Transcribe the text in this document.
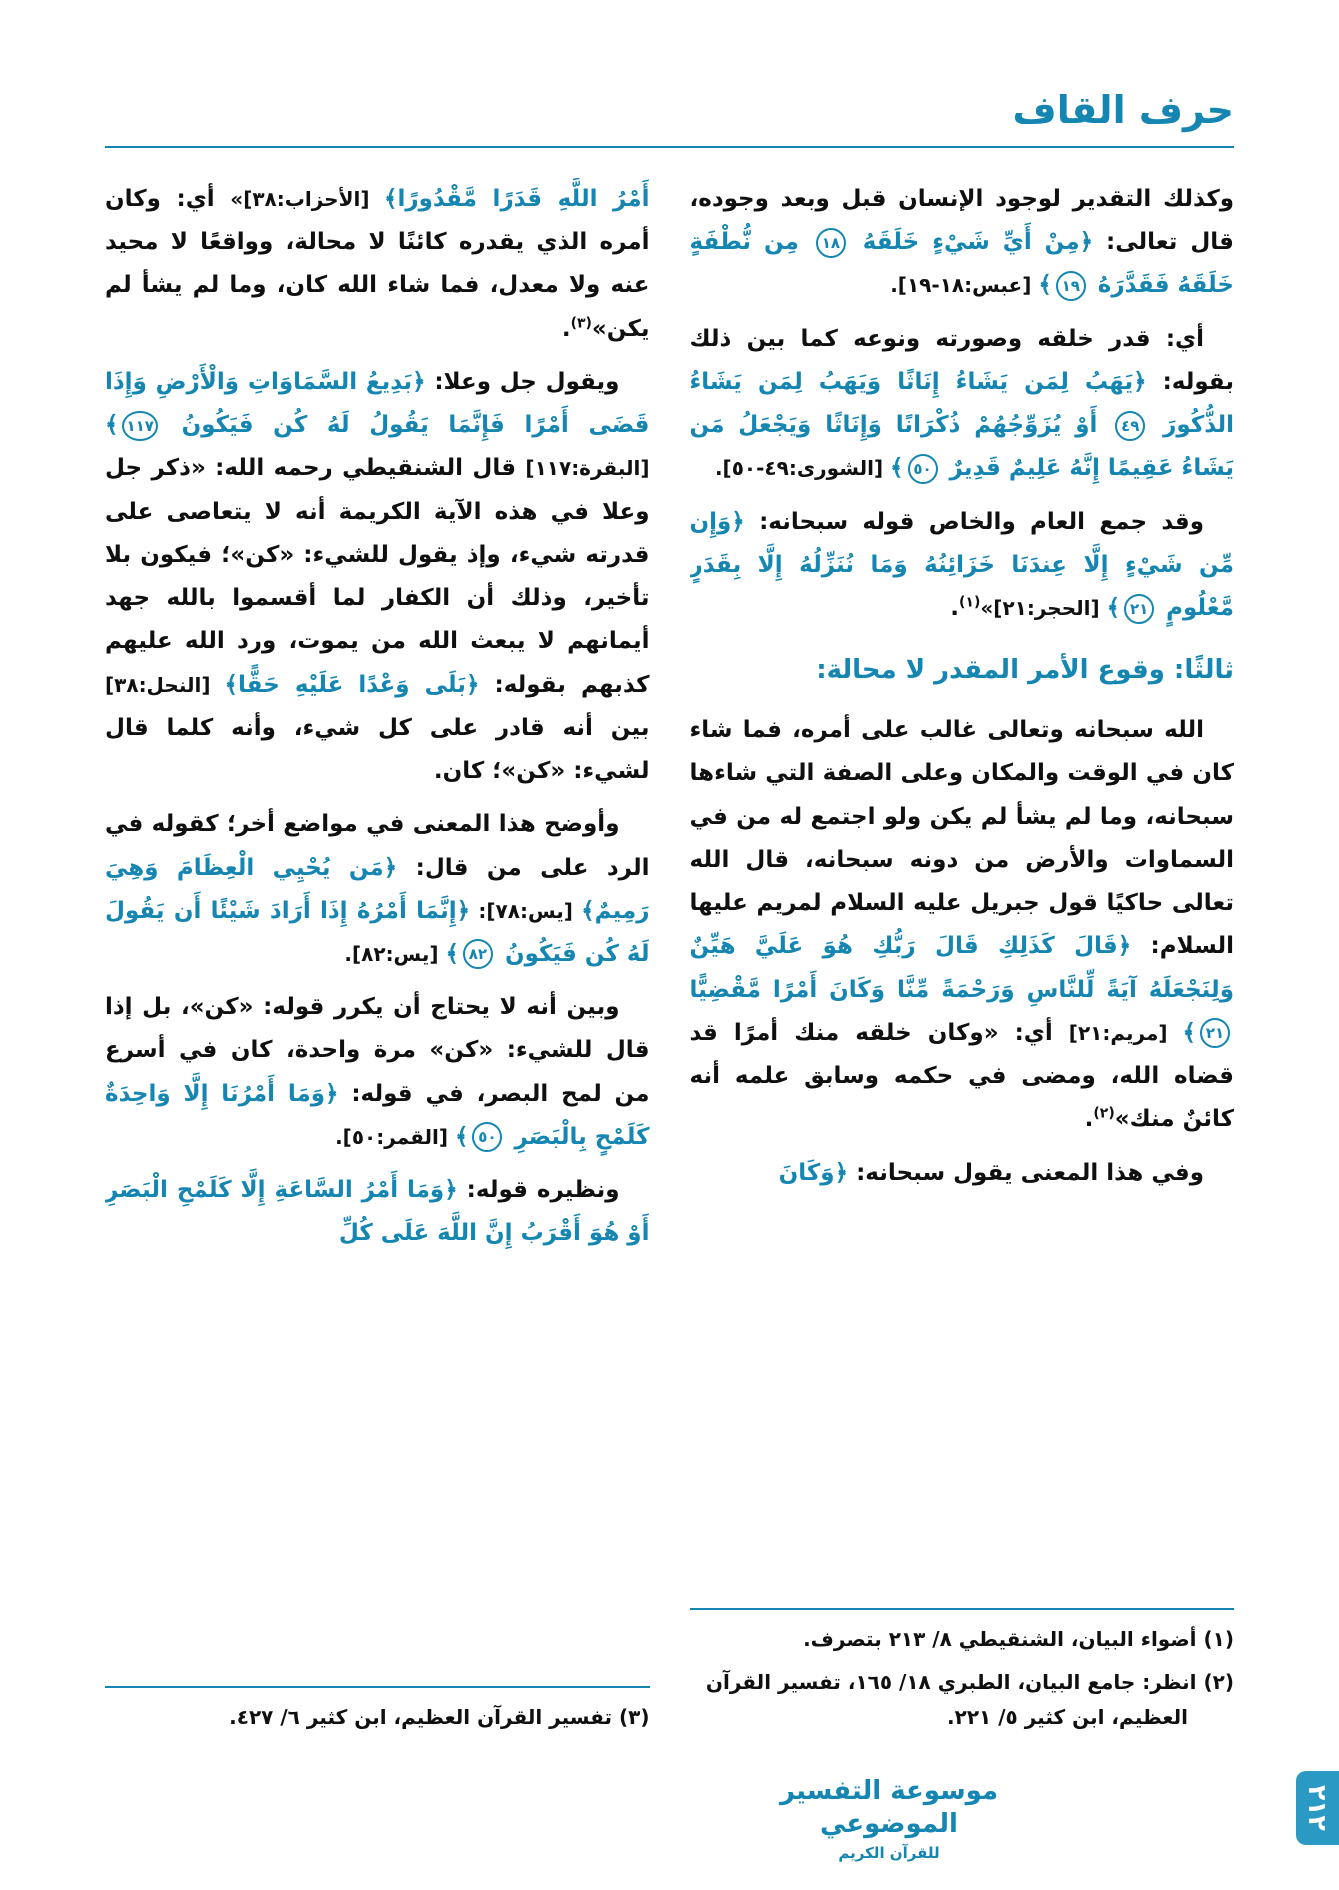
حرف القاف

وكذلك التقدير لوجود الإنسان قبل وبعد وجوده، قال تعالى: ﴿مِنْ أَيِّ شَيْءٍ خَلَقَهُ ١٨ مِن نُّطْفَةٍ خَلَقَهُ فَقَدَّرَهُ ١٩﴾ [عبس:١٨-١٩].

أي: قدر خلقه وصورته ونوعه كما بين ذلك بقوله: ﴿يَهَبُ لِمَن يَشَاءُ إِنَاثًا وَيَهَبُ لِمَن يَشَاءُ الذُّكُورَ ٤٩ أَوْ يُزَوِّجُهُمْ ذُكْرَانًا وَإِنَاثًا وَيَجْعَلُ مَن يَشَاءُ عَقِيمًا إِنَّهُ عَلِيمٌ قَدِيرٌ ٥٠﴾ [الشورى:٤٩-٥٠].

وقد جمع العام والخاص قوله سبحانه: ﴿وَإِن مِّن شَيْءٍ إِلَّا عِندَنَا خَزَائِنُهُ وَمَا نُنَزِّلُهُ إِلَّا بِقَدَرٍ مَّعْلُومٍ ٢١﴾ [الحجر:٢١]»$^{(١)}$.

ثالثًا: وقوع الأمر المقدر لا محالة:

الله سبحانه وتعالى غالب على أمره، فما شاء كان في الوقت والمكان وعلى الصفة التي شاءها سبحانه، وما لم يشأ لم يكن ولو اجتمع له من في السماوات والأرض من دونه سبحانه، قال الله تعالى حاكيًا قول جبريل عليه السلام لمريم عليها السلام: ﴿قَالَ كَذَلِكِ قَالَ رَبُّكِ هُوَ عَلَيَّ هَيِّنٌ وَلِنَجْعَلَهُ آيَةً لِّلنَّاسِ وَرَحْمَةً مِّنَّا وَكَانَ أَمْرًا مَّقْضِيًّا ٢١﴾ [مريم:٢١] أي: «وكان خلقه منك أمرًا قد قضاه الله، ومضى في حكمه وسابق علمه أنه كائنٌ منك»$^{(٢)}$.

وفي هذا المعنى يقول سبحانه: ﴿وَكَانَ

(١) أضواء البيان، الشنقيطي ٨/ ٢١٣ بتصرف.

(٢) انظر: جامع البيان، الطبري ١٨/ ١٦٥، تفسير القرآن العظيم، ابن كثير ٥/ ٢٢١.

أَمْرُ اللَّهِ قَدَرًا مَّقْدُورًا﴾ [الأحزاب:٣٨]» أي: وكان أمره الذي يقدره كائنًا لا محالة، وواقعًا لا محيد عنه ولا معدل، فما شاء الله كان، وما لم يشأ لم يكن»$^{(٣)}$.

ويقول جل وعلا: ﴿بَدِيعُ السَّمَاوَاتِ وَالْأَرْضِ وَإِذَا قَضَى أَمْرًا فَإِنَّمَا يَقُولُ لَهُ كُن فَيَكُونُ ١١٧﴾ [البقرة:١١٧] قال الشنقيطي رحمه الله: «ذكر جل وعلا في هذه الآية الكريمة أنه لا يتعاصى على قدرته شيء، وإذ يقول للشيء: «كن»؛ فيكون بلا تأخير، وذلك أن الكفار لما أقسموا بالله جهد أيمانهم لا يبعث الله من يموت، ورد الله عليهم كذبهم بقوله: ﴿بَلَى وَعْدًا عَلَيْهِ حَقًّا﴾ [النحل:٣٨] بين أنه قادر على كل شيء، وأنه كلما قال لشيء: «كن»؛ كان.

وأوضح هذا المعنى في مواضع أخر؛ كقوله في الرد على من قال: ﴿مَن يُحْيِي الْعِظَامَ وَهِيَ رَمِيمٌ﴾ [يس:٧٨]: ﴿إِنَّمَا أَمْرُهُ إِذَا أَرَادَ شَيْئًا أَن يَقُولَ لَهُ كُن فَيَكُونُ ٨٢﴾ [يس:٨٢].

وبين أنه لا يحتاج أن يكرر قوله: «كن»، بل إذا قال للشيء: «كن» مرة واحدة، كان في أسرع من لمح البصر، في قوله: ﴿وَمَا أَمْرُنَا إِلَّا وَاحِدَةٌ كَلَمْحٍ بِالْبَصَرِ ٥٠﴾ [القمر:٥٠].

ونظيره قوله: ﴿وَمَا أَمْرُ السَّاعَةِ إِلَّا كَلَمْحِ الْبَصَرِ أَوْ هُوَ أَقْرَبُ إِنَّ اللَّهَ عَلَى كُلِّ

(٣) تفسير القرآن العظيم، ابن كثير ٦/ ٤٢٧.

موسوعة التفسير الموضوعي
للقرآن الكريم
٢١٢
